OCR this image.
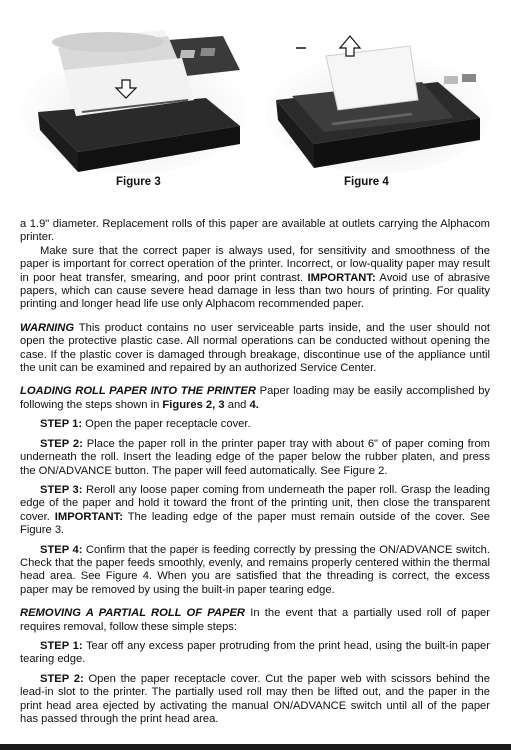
Figure 3	Figure 4

a 1.9" diameter. Replacement rolls of this paper are available at outlets carrying the Alphacom printer.

Make sure that the correct paper is always used, for sensitivity and smoothness of the paper is important for correct operation of the printer. Incorrect, or low-quality paper may result in poor heat transfer, smearing, and poor print contrast. IMPORTANT: Avoid use of abrasive papers, which can cause severe head damage in less than two hours of printing. For quality printing and longer head life use only Alphacom recommended paper.

WARNING This product contains no user serviceable parts inside, and the user should not open the protective plastic case. All normal operations can be conducted without opening the case. If the plastic cover is damaged through breakage, discontinue use of the appliance until the unit can be examined and repaired by an authorized Service Center.

LOADING ROLL PAPER INTO THE PRINTER Paper loading may be easily accomplished by following the steps shown in Figures 2, 3 and 4.

STEP 1: Open the paper receptacle cover.

STEP 2: Place the paper roll in the printer paper tray with about 6" of paper coming from underneath the roll. Insert the leading edge of the paper below the rubber platen, and press the ON/ADVANCE button. The paper will feed automatically. See Figure 2.

STEP 3: Reroll any loose paper coming from underneath the paper roll. Grasp the leading edge of the paper and hold it toward the front of the printing unit, then close the transparent cover. IMPORTANT: The leading edge of the paper must remain outside of the cover. See Figure 3.

STEP 4: Confirm that the paper is feeding correctly by pressing the ON/ADVANCE switch. Check that the paper feeds smoothly, evenly, and remains properly centered within the thermal head area. See Figure 4. When you are satisfied that the threading is correct, the excess paper may be removed by using the built-in paper tearing edge.

REMOVING A PARTIAL ROLL OF PAPER In the event that a partially used roll of paper requires removal, follow these simple steps:

STEP 1: Tear off any excess paper protruding from the print head, using the built-in paper tearing edge.

STEP 2: Open the paper receptacle cover. Cut the paper web with scissors behind the lead-in slot to the printer. The partially used roll may then be lifted out, and the paper in the print head area ejected by activating the manual ON/ADVANCE switch until all of the paper has passed through the print head area.
